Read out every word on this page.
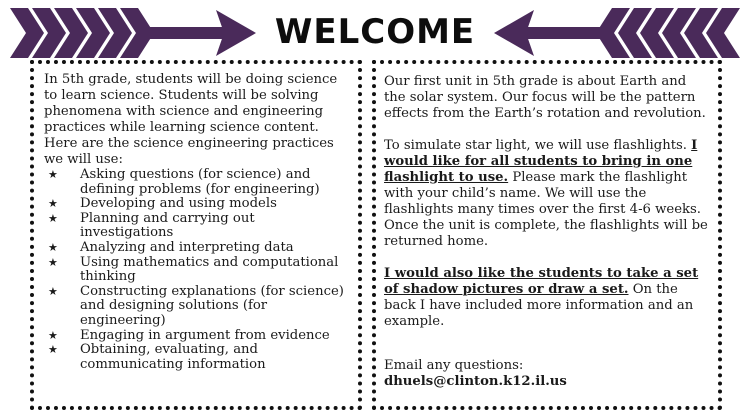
WELCOME

In 5th grade, students will be doing science to learn science. Students will be solving phenomena with science and engineering practices while learning science content. Here are the science engineering practices we will use:

★ Asking questions (for science) and defining problems (for engineering)
★ Developing and using models
★ Planning and carrying out investigations
★ Analyzing and interpreting data
★ Using mathematics and computational thinking
★ Constructing explanations (for science) and designing solutions (for engineering)
★ Engaging in argument from evidence
★ Obtaining, evaluating, and communicating information

Our first unit in 5th grade is about Earth and the solar system. Our focus will be the pattern effects from the Earth’s rotation and revolution.

To simulate star light, we will use flashlights. I would like for all students to bring in one flashlight to use. Please mark the flashlight with your child’s name. We will use the flashlights many times over the first 4-6 weeks. Once the unit is complete, the flashlights will be returned home.

I would also like the students to take a set of shadow pictures or draw a set. On the back I have included more information and an example.

Email any questions:

dhuels@clinton.k12.il.us
